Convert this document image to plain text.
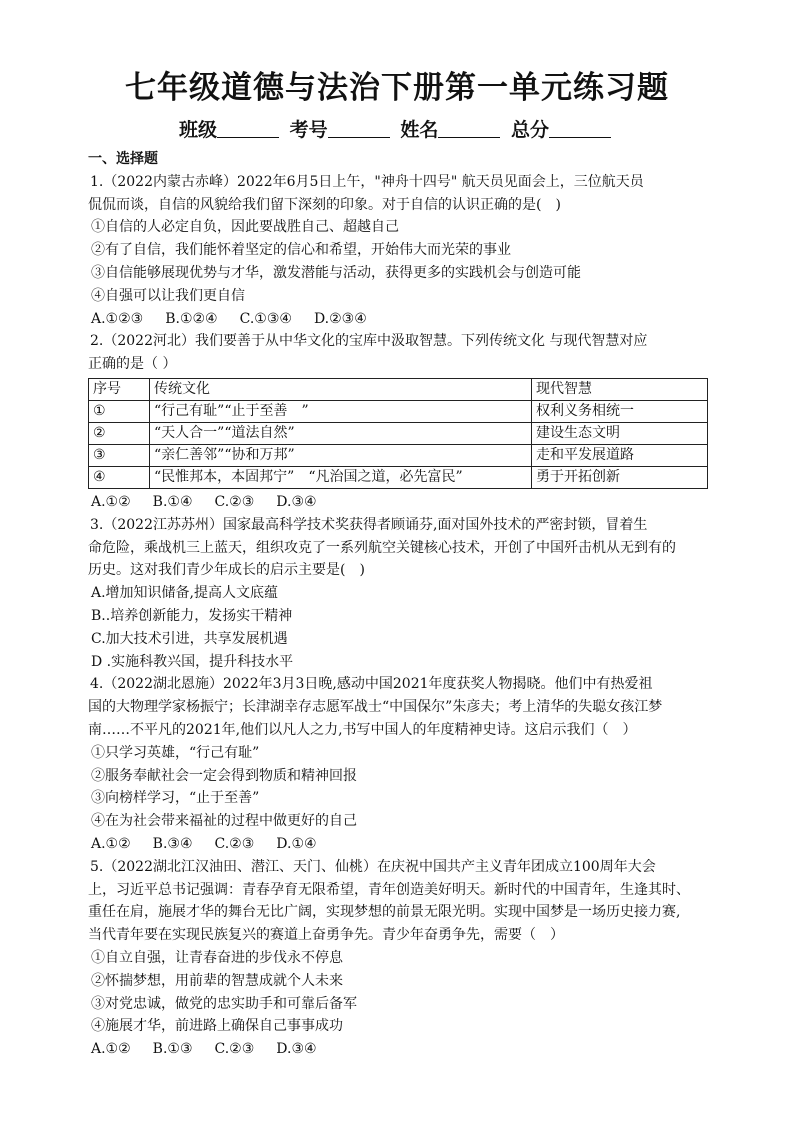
七年级道德与法治下册第一单元练习题
班级	考号	姓名	总分

一、选择题

1.（2022内蒙古赤峰）2022年6月5日上午，"神舟十四号" 航天员见面会上，三位航天员

侃侃而谈，自信的风貌给我们留下深刻的印象。对于自信的认识正确的是(　)

①自信的人必定自负，因此要战胜自己、超越自己

②有了自信，我们能怀着坚定的信心和希望，开始伟大而光荣的事业

③自信能够展现优势与才华，激发潜能与活动，获得更多的实践机会与创造可能

④自强可以让我们更自信

A.①②③ B.①②④ C.①③④ D.②③④

2.（2022河北）我们要善于从中华文化的宝库中汲取智慧。下列传统文化 与现代智慧对应

正确的是（ ）

序号	传统文化	现代智慧
①	“行己有耻”“止于至善　”	权利义务相统一
②	“天人合一”“道法自然”	建设生态文明
③	“亲仁善邻”“协和万邦”	走和平发展道路
④	“民惟邦本，本固邦宁”　“凡治国之道，必先富民”	勇于开拓创新

A.①② B.①④ C.②③ D.③④

3.（2022江苏苏州）国家最高科学技术奖获得者顾诵芬,面对国外技术的严密封锁，冒着生

命危险，乘战机三上蓝天，组织攻克了一系列航空关键核心技术，开创了中国歼击机从无到有的

历史。这对我们青少年成长的启示主要是(　)

A.增加知识储备,提高人文底蕴

B..培养创新能力，发扬实干精神

C.加大技术引进，共享发展机遇

D .实施科教兴国，提升科技水平

4.（2022湖北恩施）2022年3月3日晚,感动中国2021年度获奖人物揭晓。他们中有热爱祖

国的大物理学家杨振宁；长津湖幸存志愿军战士“中国保尔”朱彦夫；考上清华的失聪女孩江梦

南……不平凡的2021年,他们以凡人之力,书写中国人的年度精神史诗。这启示我们（　）

①只学习英雄，“行己有耻”

②服务奉献社会一定会得到物质和精神回报

③向榜样学习，“止于至善”

④在为社会带来福祉的过程中做更好的自己

A.①② B.③④ C.②③ D.①④

5.（2022湖北江汉油田、潜江、天门、仙桃）在庆祝中国共产主义青年团成立100周年大会

上，习近平总书记强调：青春孕育无限希望，青年创造美好明天。新时代的中国青年，生逢其时、

重任在肩，施展才华的舞台无比广阔，实现梦想的前景无限光明。实现中国梦是一场历史接力赛,

当代青年要在实现民族复兴的赛道上奋勇争先。青少年奋勇争先，需要（　）

①自立自强，让青春奋进的步伐永不停息

②怀揣梦想，用前辈的智慧成就个人未来

③对党忠诚，做党的忠实助手和可靠后备军

④施展才华，前进路上确保自己事事成功

A.①② B.①③ C.②③ D.③④
